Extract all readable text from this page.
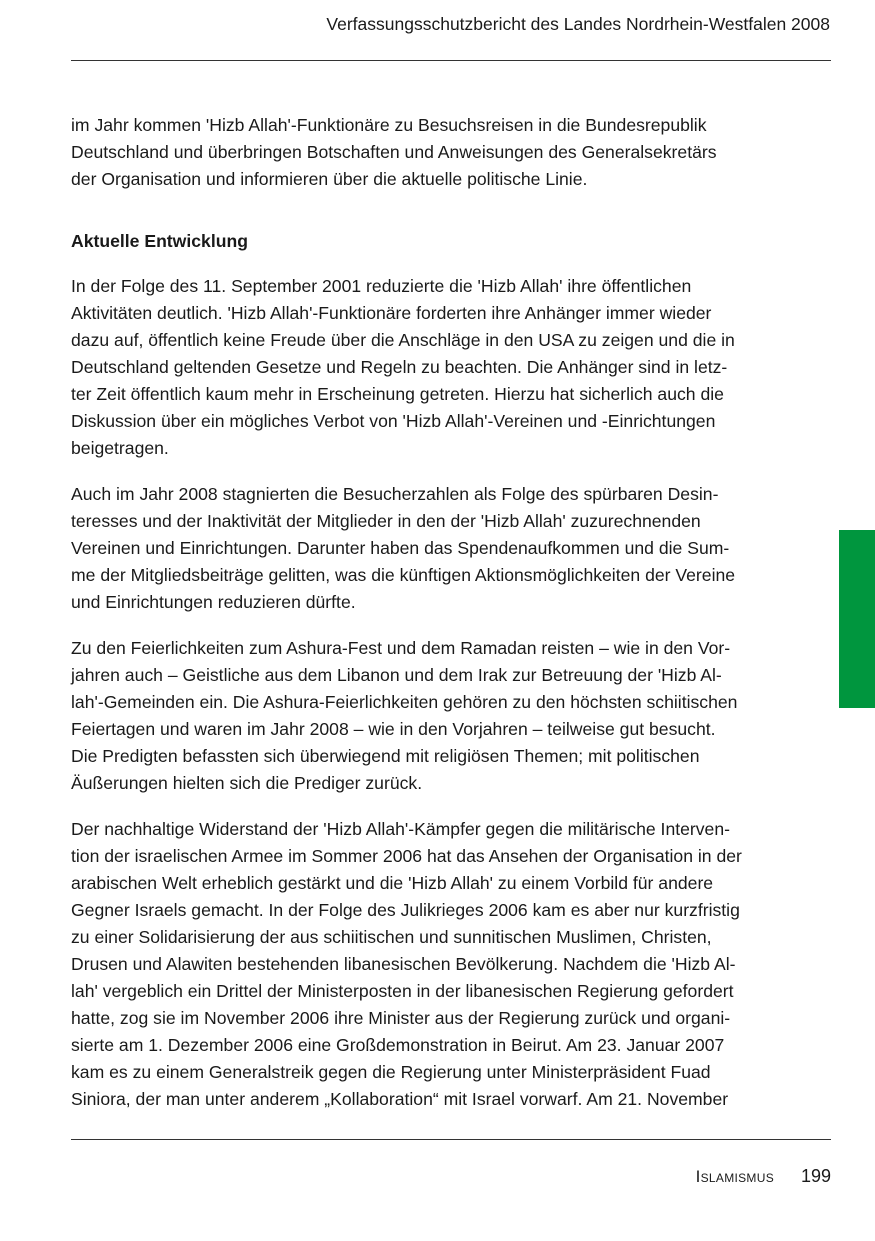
Verfassungsschutzbericht des Landes Nordrhein-Westfalen 2008

im Jahr kommen 'Hizb Allah'-Funktionäre zu Besuchsreisen in die Bundesrepublik
Deutschland und überbringen Botschaften und Anweisungen des Generalsekretärs
der Organisation und informieren über die aktuelle politische Linie.

Aktuelle Entwicklung

In der Folge des 11. September 2001 reduzierte die 'Hizb Allah' ihre öffentlichen
Aktivitäten deutlich. 'Hizb Allah'-Funktionäre forderten ihre Anhänger immer wieder
dazu auf, öffentlich keine Freude über die Anschläge in den USA zu zeigen und die in
Deutschland geltenden Gesetze und Regeln zu beachten. Die Anhänger sind in letz-
ter Zeit öffentlich kaum mehr in Erscheinung getreten. Hierzu hat sicherlich auch die
Diskussion über ein mögliches Verbot von 'Hizb Allah'-Vereinen und -Einrichtungen
beigetragen.

Auch im Jahr 2008 stagnierten die Besucherzahlen als Folge des spürbaren Desin-
teresses und der Inaktivität der Mitglieder in den der 'Hizb Allah' zuzurechnenden
Vereinen und Einrichtungen. Darunter haben das Spendenaufkommen und die Sum-
me der Mitgliedsbeiträge gelitten, was die künftigen Aktionsmöglichkeiten der Vereine
und Einrichtungen reduzieren dürfte.

Zu den Feierlichkeiten zum Ashura-Fest und dem Ramadan reisten – wie in den Vor-
jahren auch – Geistliche aus dem Libanon und dem Irak zur Betreuung der 'Hizb Al-
lah'-Gemeinden ein. Die Ashura-Feierlichkeiten gehören zu den höchsten schiitischen
Feiertagen und waren im Jahr 2008 – wie in den Vorjahren – teilweise gut besucht.
Die Predigten befassten sich überwiegend mit religiösen Themen; mit politischen
Äußerungen hielten sich die Prediger zurück.

Der nachhaltige Widerstand der 'Hizb Allah'-Kämpfer gegen die militärische Interven-
tion der israelischen Armee im Sommer 2006 hat das Ansehen der Organisation in der
arabischen Welt erheblich gestärkt und die 'Hizb Allah' zu einem Vorbild für andere
Gegner Israels gemacht. In der Folge des Julikrieges 2006 kam es aber nur kurzfristig
zu einer Solidarisierung der aus schiitischen und sunnitischen Muslimen, Christen,
Drusen und Alawiten bestehenden libanesischen Bevölkerung. Nachdem die 'Hizb Al-
lah' vergeblich ein Drittel der Ministerposten in der libanesischen Regierung gefordert
hatte, zog sie im November 2006 ihre Minister aus der Regierung zurück und organi-
sierte am 1. Dezember 2006 eine Großdemonstration in Beirut. Am 23. Januar 2007
kam es zu einem Generalstreik gegen die Regierung unter Ministerpräsident Fuad
Siniora, der man unter anderem „Kollaboration“ mit Israel vorwarf. Am 21. November

Islamismus 199
